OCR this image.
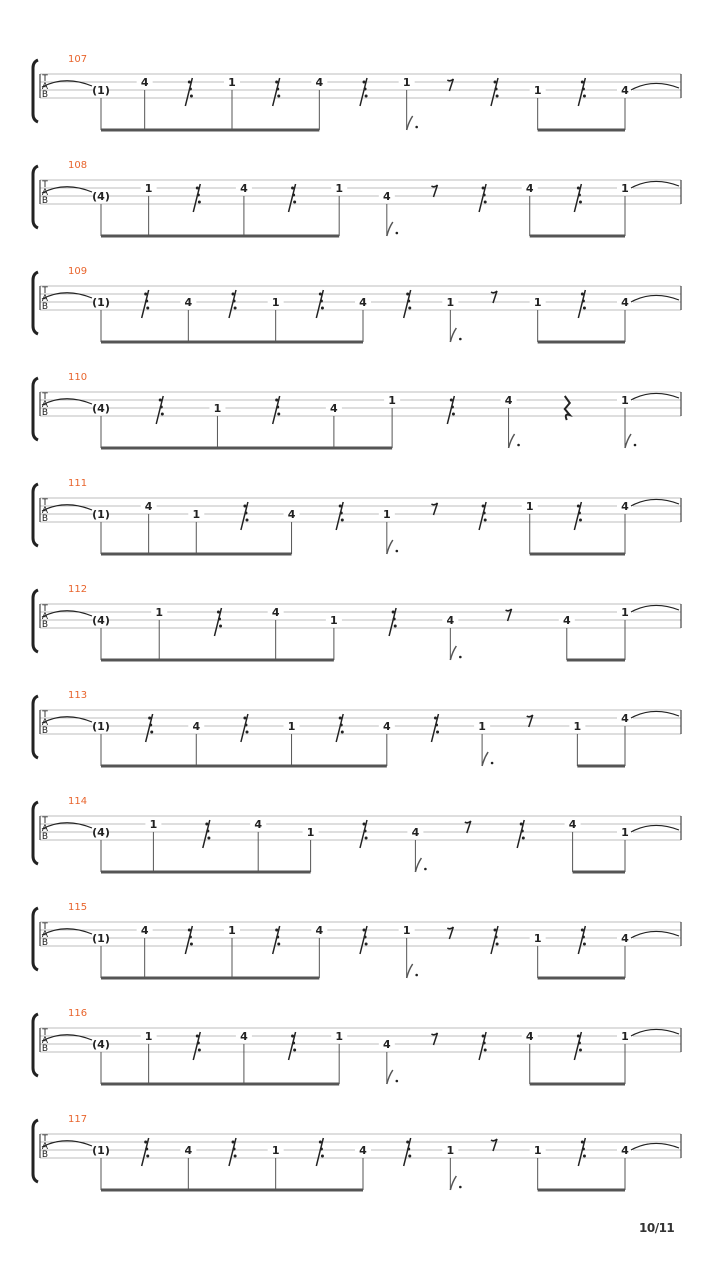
T
A
B
107
(1)
4	1	4	1
1	4
T
A
B
108
(4)
1	4	1
4
4	1
T
A
B
109
(1)	4	1	4	1	1	4
T
A
B
110
(4)	1	4
1	4	1
T
A
B
111
(1)
4
1	4	1
1	4
T
A
B
112
(4)
1	4
1	4	4
1
T
A
B
113
(1)	4	1	4	1	1
4
T
A
B
114
(4)
1	4
1	4
4
1
T
A
B
115
(1)
4	1	4	1
1	4
T
A
B
116
(4)
1	4	1
4
4	1
T
A
B
117
(1)	4	1	4	1	1	4
10/11
